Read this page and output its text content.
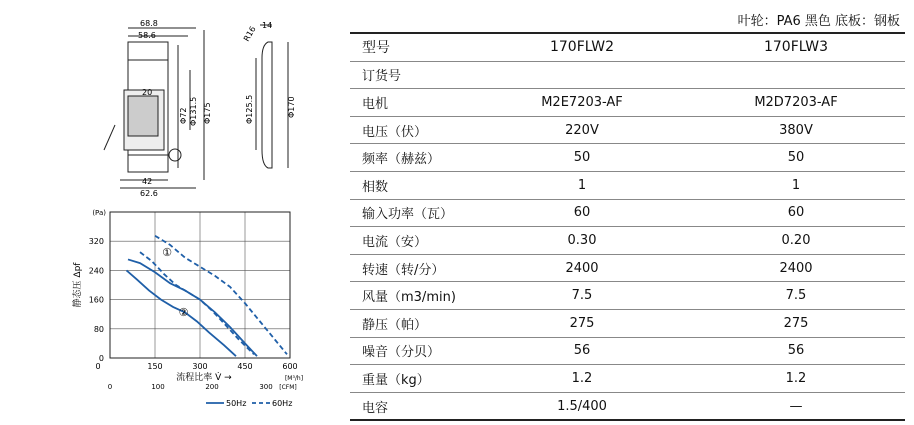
68.8
58.6
20
Φ72 Φ131.5 Φ175
42
62.6
14
R16
Φ125.5	Φ170
320
240
160
80
0
(Pa)
静态压 Δpf
150	300	450	600
0
流程比率 V̇ →	[M³/h]
0	100	200	300 [CFM]
①
②
50Hz	60Hz
叶轮：PA6 黑色 底板：钢板
型号	170FLW2	170FLW3
订货号		
电机	M2E7203-AF	M2D7203-AF
电压（伏）	220V	380V
频率（赫兹）	50	50
相数	1	1
输入功率（瓦）	60	60
电流（安）	0.30	0.20
转速（转/分）	2400	2400
风量（m3/min)	7.5	7.5
静压（帕）	275	275
噪音（分贝）	56	56
重量（kg）	1.2	1.2
电容	1.5/400	—
